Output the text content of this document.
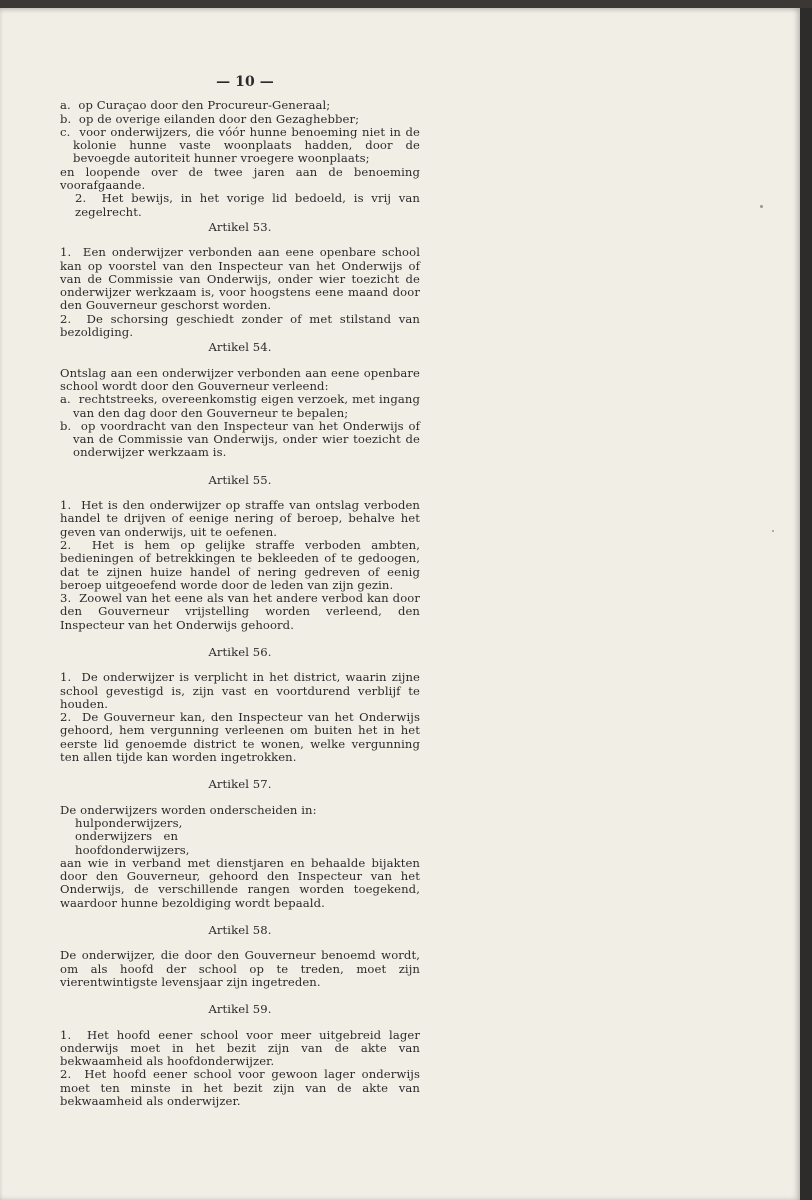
— 10 —
a.  op Curaçao door den Procureur-Generaal;
b.  op de overige eilanden door den Gezaghebber;
c.  voor onderwijzers, die vóór hunne benoeming niet in de kolonie hunne vaste woonplaats hadden, door de bevoegde autoriteit hunner vroegere woonplaats;

en loopende over de twee jaren aan de benoeming voorafgaande.

2.  Het bewijs, in het vorige lid bedoeld, is vrij van zegelrecht.

Artikel 53.

1.  Een onderwijzer verbonden aan eene openbare school kan op voorstel van den Inspecteur van het Onderwijs of van de Commissie van Onderwijs, onder wier toezicht de onderwijzer werkzaam is, voor hoogstens eene maand door den Gouverneur geschorst worden.

2.  De schorsing geschiedt zonder of met stilstand van bezoldiging.

Artikel 54.

Ontslag aan een onderwijzer verbonden aan eene openbare school wordt door den Gouverneur verleend:

a.  rechtstreeks, overeenkomstig eigen verzoek, met ingang van den dag door den Gouverneur te bepalen;
b.  op voordracht van den Inspecteur van het Onderwijs of van de Commissie van Onderwijs, onder wier toezicht de onderwijzer werkzaam is.
Artikel 55.

1.  Het is den onderwijzer op straffe van ontslag verboden handel te drijven of eenige nering of beroep, behalve het geven van onderwijs, uit te oefenen.

2.  Het is hem op gelijke straffe verboden ambten, bedieningen of betrekkingen te bekleeden of te gedoogen, dat te zijnen huize handel of nering gedreven of eenig beroep uitgeoefend worde door de leden van zijn gezin.

3.  Zoowel van het eene als van het andere verbod kan door den Gouverneur vrijstelling worden verleend, den Inspecteur van het Onderwijs gehoord.

Artikel 56.

1.  De onderwijzer is verplicht in het district, waarin zijne school gevestigd is, zijn vast en voortdurend verblijf te houden.

2.  De Gouverneur kan, den Inspecteur van het Onderwijs gehoord, hem vergunning verleenen om buiten het in het eerste lid genoemde district te wonen, welke vergunning ten allen tijde kan worden ingetrokken.

Artikel 57.

De onderwijzers worden onderscheiden in:

hulponderwijzers,
onderwijzers   en
hoofdonderwijzers,

aan wie in verband met dienstjaren en behaalde bijakten door den Gouverneur, gehoord den Inspecteur van het Onderwijs, de verschillende rangen worden toegekend, waardoor hunne bezoldiging wordt bepaald.

Artikel 58.

De onderwijzer, die door den Gouverneur benoemd wordt, om als hoofd der school op te treden, moet zijn vierentwintigste levensjaar zijn ingetreden.

Artikel 59.

1.  Het hoofd eener school voor meer uitgebreid lager onderwijs moet in het bezit zijn van de akte van bekwaamheid als hoofdonderwijzer.

2.  Het hoofd eener school voor gewoon lager onderwijs moet ten minste in het bezit zijn van de akte van bekwaamheid als onderwijzer.
